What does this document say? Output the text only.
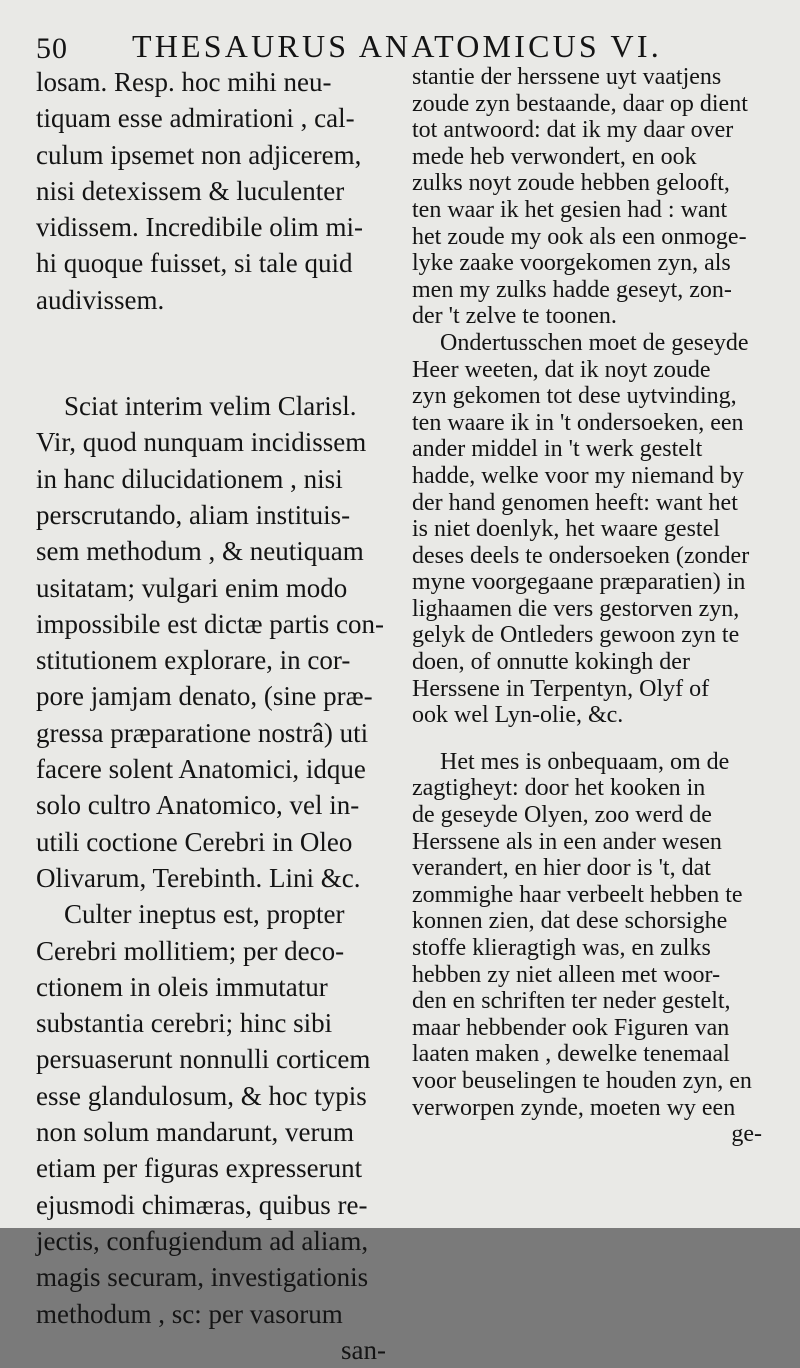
50 THESAURUS ANATOMICUS VI.
losam. Resp. hoc mihi neu-
tiquam esse admirationi , cal-
culum ipsemet non adjicerem,
nisi detexissem & luculenter
vidissem. Incredibile olim mi-
hi quoque fuisset, si tale quid
audivissem.
Sciat interim velim Clarisl.
Vir, quod nunquam incidissem
in hanc dilucidationem , nisi
perscrutando, aliam instituis-
sem methodum , & neutiquam
usitatam; vulgari enim modo
impossibile est dictæ partis con-
stitutionem explorare, in cor-
pore jamjam denato, (sine præ-
gressa præparatione nostrâ) uti
facere solent Anatomici, idque
solo cultro Anatomico, vel in-
utili coctione Cerebri in Oleo
Olivarum, Terebinth. Lini &c.
Culter ineptus est, propter
Cerebri mollitiem; per deco-
ctionem in oleis immutatur
substantia cerebri; hinc sibi
persuaserunt nonnulli corticem
esse glandulosum, & hoc typis
non solum mandarunt, verum
etiam per figuras expresserunt
ejusmodi chimæras, quibus re-
jectis, confugiendum ad aliam,
magis securam, investigationis
methodum , sc: per vasorum
san-
stantie der herssene uyt vaatjens
zoude zyn bestaande, daar op dient
tot antwoord: dat ik my daar over
mede heb verwondert, en ook
zulks noyt zoude hebben gelooft,
ten waar ik het gesien had : want
het zoude my ook als een onmoge-
lyke zaake voorgekomen zyn, als
men my zulks hadde geseyt, zon-
der 't zelve te toonen.
Ondertusschen moet de geseyde
Heer weeten, dat ik noyt zoude
zyn gekomen tot dese uytvinding,
ten waare ik in 't ondersoeken, een
ander middel in 't werk gestelt
hadde, welke voor my niemand by
der hand genomen heeft: want het
is niet doenlyk, het waare gestel
deses deels te ondersoeken (zonder
myne voorgegaane præparatien) in
lighaamen die vers gestorven zyn,
gelyk de Ontleders gewoon zyn te
doen, of onnutte kokingh der
Herssene in Terpentyn, Olyf of
ook wel Lyn-olie, &c.
Het mes is onbequaam, om de
zagtigheyt: door het kooken in
de geseyde Olyen, zoo werd de
Herssene als in een ander wesen
verandert, en hier door is 't, dat
zommighe haar verbeelt hebben te
konnen zien, dat dese schorsighe
stoffe klieragtigh was, en zulks
hebben zy niet alleen met woor-
den en schriften ter neder gestelt,
maar hebbender ook Figuren van
laaten maken , dewelke tenemaal
voor beuselingen te houden zyn, en
verworpen zynde, moeten wy een
ge-
